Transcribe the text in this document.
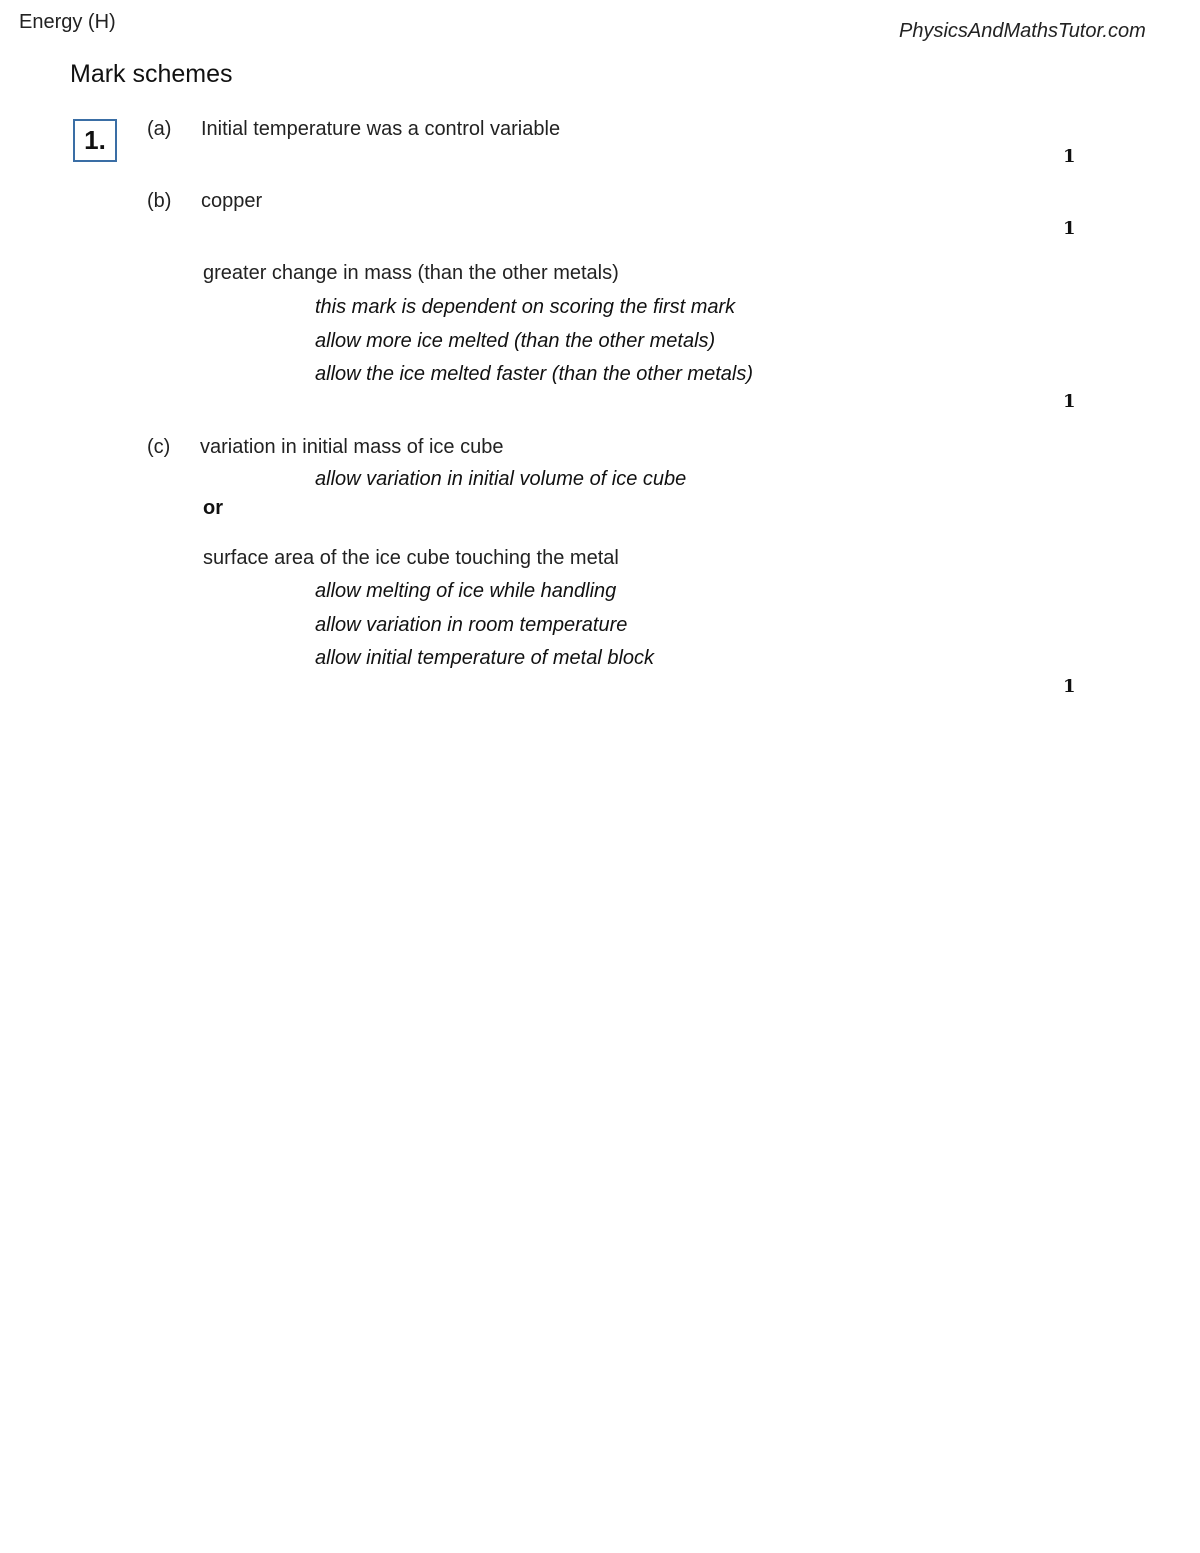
Energy (H)	PhysicsAndMathsTutor.com
Mark schemes
1.	(a) Initial temperature was a control variable
1
(b) copper
1
greater change in mass (than the other metals)
this mark is dependent on scoring the first mark
allow more ice melted (than the other metals)
allow the ice melted faster (than the other metals)
1
(c) variation in initial mass of ice cube
allow variation in initial volume of ice cube
or
surface area of the ice cube touching the metal
allow melting of ice while handling
allow variation in room temperature
allow initial temperature of metal block
1
